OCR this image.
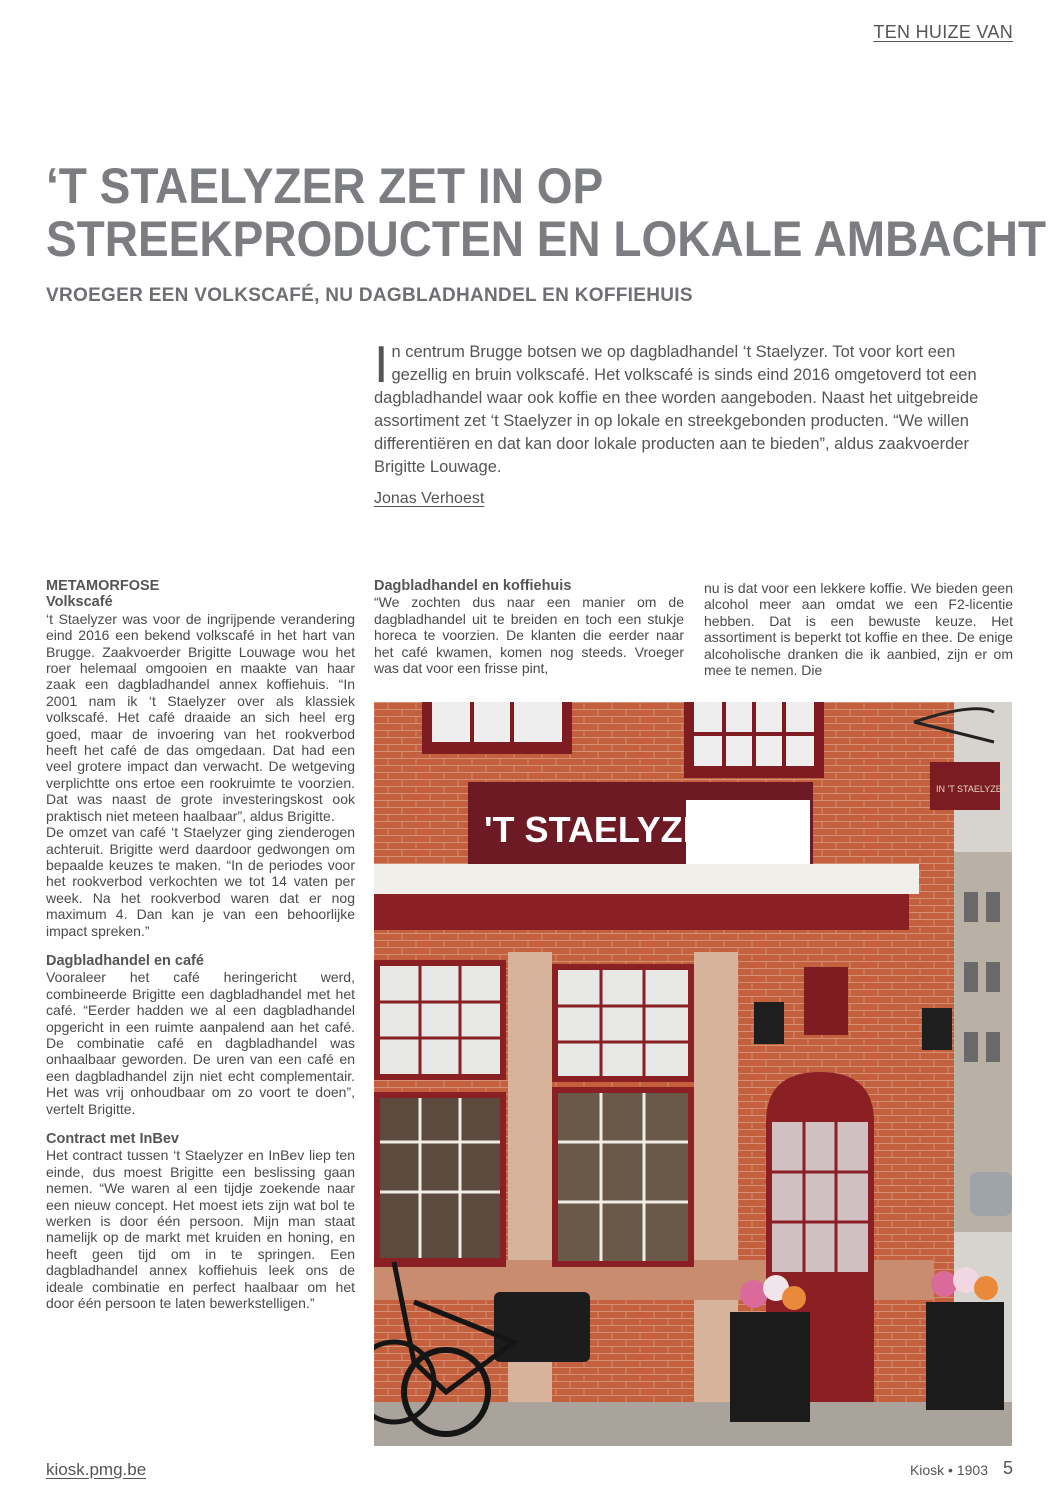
TEN HUIZE VAN
‘T STAELYZER ZET IN OP
STREEKPRODUCTEN EN LOKALE AMBACHT
VROEGER EEN VOLKSCAFÉ, NU DAGBLADHANDEL EN KOFFIEHUIS
In centrum Brugge botsen we op dagbladhandel ‘t Staelyzer. Tot voor kort een gezellig en bruin volkscafé. Het volkscafé is sinds eind 2016 omgetoverd tot een dagbladhandel waar ook koffie en thee worden aangeboden. Naast het uitgebreide assortiment zet ‘t Staelyzer in op lokale en streekgebonden producten. “We willen differentiëren en dat kan door lokale producten aan te bieden”, aldus zaakvoerder Brigitte Louwage.
Jonas Verhoest
METAMORFOSE
Volkscafé

‘t Staelyzer was voor de ingrijpende verandering eind 2016 een bekend volkscafé in het hart van Brugge. Zaakvoerder Brigitte Louwage wou het roer helemaal omgooien en maakte van haar zaak een dagbladhandel annex koffiehuis. “In 2001 nam ik ‘t Staelyzer over als klassiek volkscafé. Het café draaide an sich heel erg goed, maar de invoering van het rookverbod heeft het café de das omgedaan. Dat had een veel grotere impact dan verwacht. De wetgeving verplichtte ons ertoe een rookruimte te voorzien. Dat was naast de grote investeringskost ook praktisch niet meteen haalbaar”, aldus Brigitte.

De omzet van café ‘t Staelyzer ging zienderogen achteruit. Brigitte werd daardoor gedwongen om bepaalde keuzes te maken. “In de periodes voor het rookverbod verkochten we tot 14 vaten per week. Na het rookverbod waren dat er nog maximum 4. Dan kan je van een behoorlijke impact spreken.”

Dagbladhandel en café

Vooraleer het café heringericht werd, combineerde Brigitte een dagbladhandel met het café. “Eerder hadden we al een dagbladhandel opgericht in een ruimte aanpalend aan het café. De combinatie café en dagbladhandel was onhaalbaar geworden. De uren van een café en een dagbladhandel zijn niet echt complementair. Het was vrij onhoudbaar om zo voort te doen”, vertelt Brigitte.

Contract met InBev

Het contract tussen ‘t Staelyzer en InBev liep ten einde, dus moest Brigitte een beslissing gaan nemen. “We waren al een tijdje zoekende naar een nieuw concept. Het moest iets zijn wat bol te werken is door één persoon. Mijn man staat namelijk op de markt met kruiden en honing, en heeft geen tijd om in te springen. Een dagbladhandel annex koffiehuis leek ons de ideale combinatie en perfect haalbaar om het door één persoon te laten bewerkstelligen.”

Dagbladhandel en koffiehuis

“We zochten dus naar een manier om de dagbladhandel uit te breiden en toch een stukje horeca te voorzien. De klanten die eerder naar het café kwamen, komen nog steeds. Vroeger was dat voor een frisse pint,

nu is dat voor een lekkere koffie. We bieden geen alcohol meer aan omdat we een F2-licentie hebben. Dat is een bewuste keuze. Het assortiment is beperkt tot koffie en thee. De enige alcoholische dranken die ik aanbied, zijn er om mee te nemen. Die

'T STAELYZER
IN 'T STAELYZER
kiosk.pmg.be	Kiosk • 1903 5
